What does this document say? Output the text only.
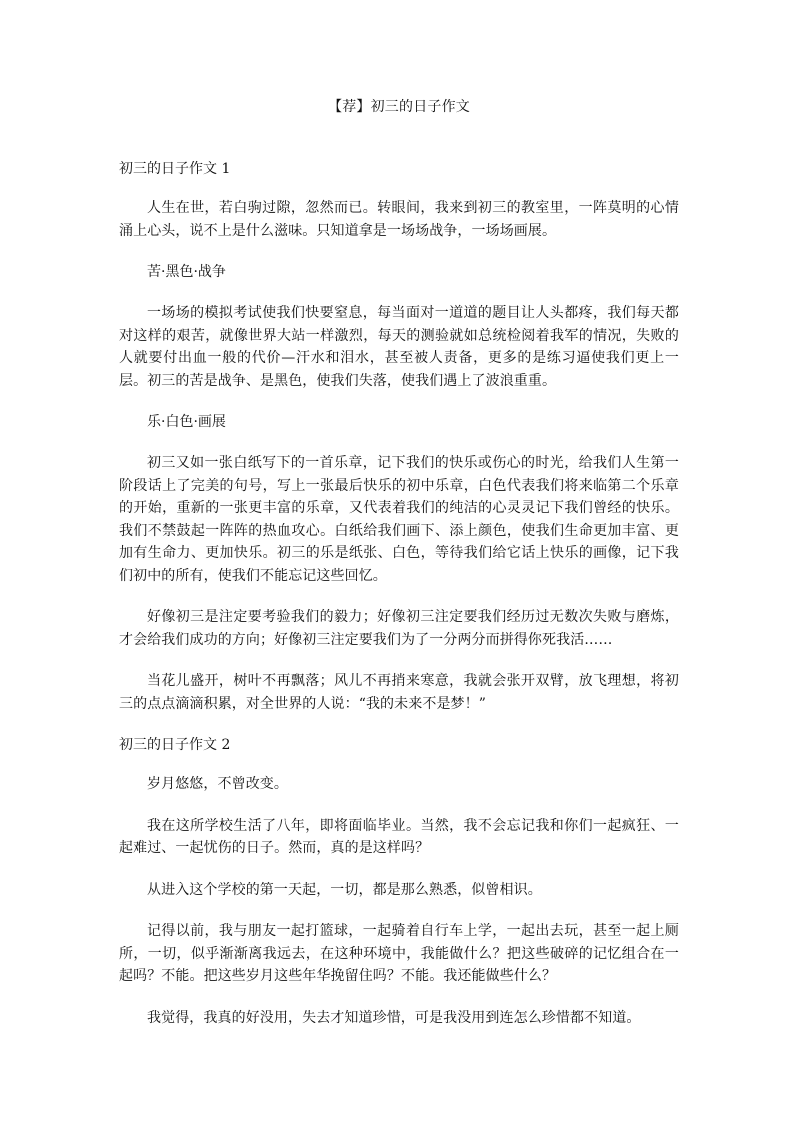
【荐】初三的日子作文
初三的日子作文 1

人生在世，若白驹过隙，忽然而已。转眼间，我来到初三的教室里，一阵莫明的心情涌上心头，说不上是什么滋味。只知道拿是一场场战争，一场场画展。

苦·黑色·战争

一场场的模拟考试使我们快要窒息，每当面对一道道的题目让人头都疼，我们每天都对这样的艰苦，就像世界大站一样激烈，每天的测验就如总统检阅着我军的情况，失败的人就要付出血一般的代价—汗水和泪水，甚至被人责备，更多的是练习逼使我们更上一层。初三的苦是战争、是黑色，使我们失落，使我们遇上了波浪重重。

乐·白色·画展

初三又如一张白纸写下的一首乐章，记下我们的快乐或伤心的时光，给我们人生第一阶段话上了完美的句号，写上一张最后快乐的初中乐章，白色代表我们将来临第二个乐章的开始，重新的一张更丰富的乐章，又代表着我们的纯洁的心灵灵记下我们曾经的快乐。我们不禁鼓起一阵阵的热血攻心。白纸给我们画下、添上颜色，使我们生命更加丰富、更加有生命力、更加快乐。初三的乐是纸张、白色，等待我们给它话上快乐的画像，记下我们初中的所有，使我们不能忘记这些回忆。

好像初三是注定要考验我们的毅力；好像初三注定要我们经历过无数次失败与磨炼，才会给我们成功的方向；好像初三注定要我们为了一分两分而拼得你死我活……

当花儿盛开，树叶不再飘落；风儿不再捎来寒意，我就会张开双臂，放飞理想，将初三的点点滴滴积累，对全世界的人说：“我的未来不是梦！”

初三的日子作文 2

岁月悠悠，不曾改变。

我在这所学校生活了八年，即将面临毕业。当然，我不会忘记我和你们一起疯狂、一起难过、一起忧伤的日子。然而，真的是这样吗？

从进入这个学校的第一天起，一切，都是那么熟悉，似曾相识。

记得以前，我与朋友一起打篮球，一起骑着自行车上学，一起出去玩，甚至一起上厕所，一切，似乎渐渐离我远去，在这种环境中，我能做什么？把这些破碎的记忆组合在一起吗？不能。把这些岁月这些年华挽留住吗？不能。我还能做些什么？

我觉得，我真的好没用，失去才知道珍惜，可是我没用到连怎么珍惜都不知道。
